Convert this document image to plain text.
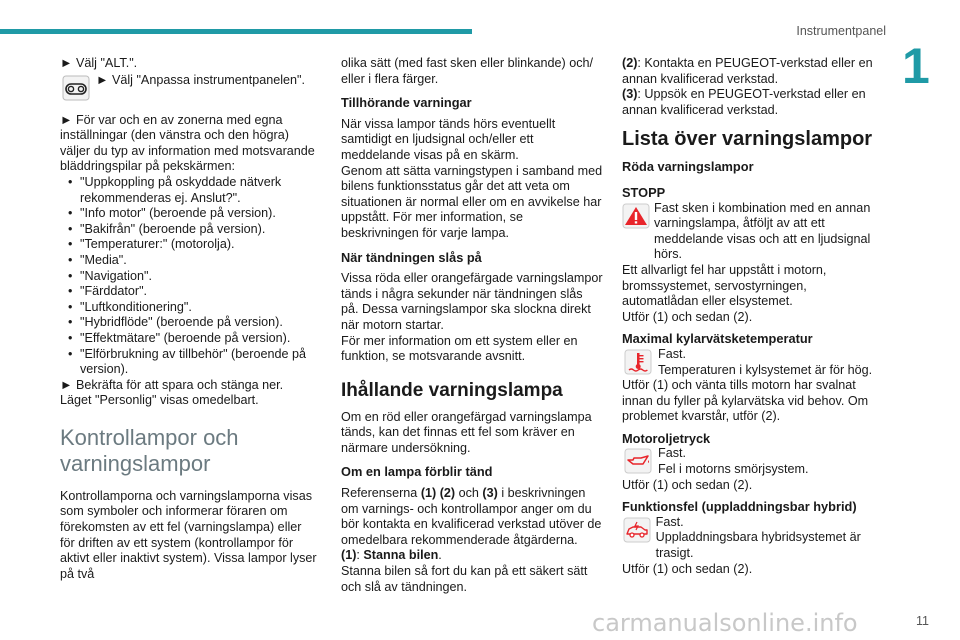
Instrumentpanel
1
carmanualsonline.info	11

► Välj "ALT.".

► Välj "Anpassa instrumentpanelen".

► För var och en av zonerna med egna inställningar (den vänstra och den högra) väljer du typ av information med motsvarande bläddringspilar på pekskärmen:

• "Uppkoppling på oskyddade nätverk rekommenderas ej. Anslut?".
• "Info motor" (beroende på version).
• "Bakifrån" (beroende på version).
• "Temperaturer:" (motorolja).
• "Media".
• "Navigation".
• "Färddator".
• "Luftkonditionering".
• "Hybridflöde" (beroende på version).
• "Effektmätare" (beroende på version).
• "Elförbrukning av tillbehör" (beroende på version).

► Bekräfta för att spara och stänga ner.

Läget "Personlig" visas omedelbart.

Kontrollampor och varningslampor

Kontrollamporna och varningslamporna visas som symboler och informerar föraren om förekomsten av ett fel (varningslampa) eller för driften av ett system (kontrollampor för aktivt eller inaktivt system). Vissa lampor lyser på två

olika sätt (med fast sken eller blinkande) och/ eller i flera färger.

Tillhörande varningar

När vissa lampor tänds hörs eventuellt samtidigt en ljudsignal och/eller ett meddelande visas på en skärm.

Genom att sätta varningstypen i samband med bilens funktionsstatus går det att veta om situationen är normal eller om en avvikelse har uppstått. För mer information, se beskrivningen för varje lampa.

När tändningen slås på

Vissa röda eller orangefärgade varningslampor tänds i några sekunder när tändningen slås på. Dessa varningslampor ska slockna direkt när motorn startar.

För mer information om ett system eller en funktion, se motsvarande avsnitt.

Ihållande varningslampa

Om en röd eller orangefärgad varningslampa tänds, kan det finnas ett fel som kräver en närmare undersökning.

Om en lampa förblir tänd

Referenserna (1) (2) och (3) i beskrivningen om varnings- och kontrollampor anger om du bör kontakta en kvalificerad verkstad utöver de omedelbara rekommenderade åtgärderna.

(1): Stanna bilen.

Stanna bilen så fort du kan på ett säkert sätt och slå av tändningen.

(2): Kontakta en PEUGEOT-verkstad eller en annan kvalificerad verkstad.

(3): Uppsök en PEUGEOT-verkstad eller en annan kvalificerad verkstad.

Lista över varningslampor
Röda varningslampor
STOPP
Fast sken i kombination med en annan varningslampa, åtföljt av att ett meddelande visas och att en ljudsignal hörs.

Ett allvarligt fel har uppstått i motorn, bromssystemet, servostyrningen, automatlådan eller elsystemet.

Utför (1) och sedan (2).

Maximal kylarvätsketemperatur
Fast.
Temperaturen i kylsystemet är för hög.

Utför (1) och vänta tills motorn har svalnat innan du fyller på kylarvätska vid behov. Om problemet kvarstår, utför (2).

Motoroljetryck
Fast.
Fel i motorns smörjsystem.

Utför (1) och sedan (2).

Funktionsfel (uppladdningsbar hybrid)
Fast.
Uppladdningsbara hybridsystemet är trasigt.

Utför (1) och sedan (2).
